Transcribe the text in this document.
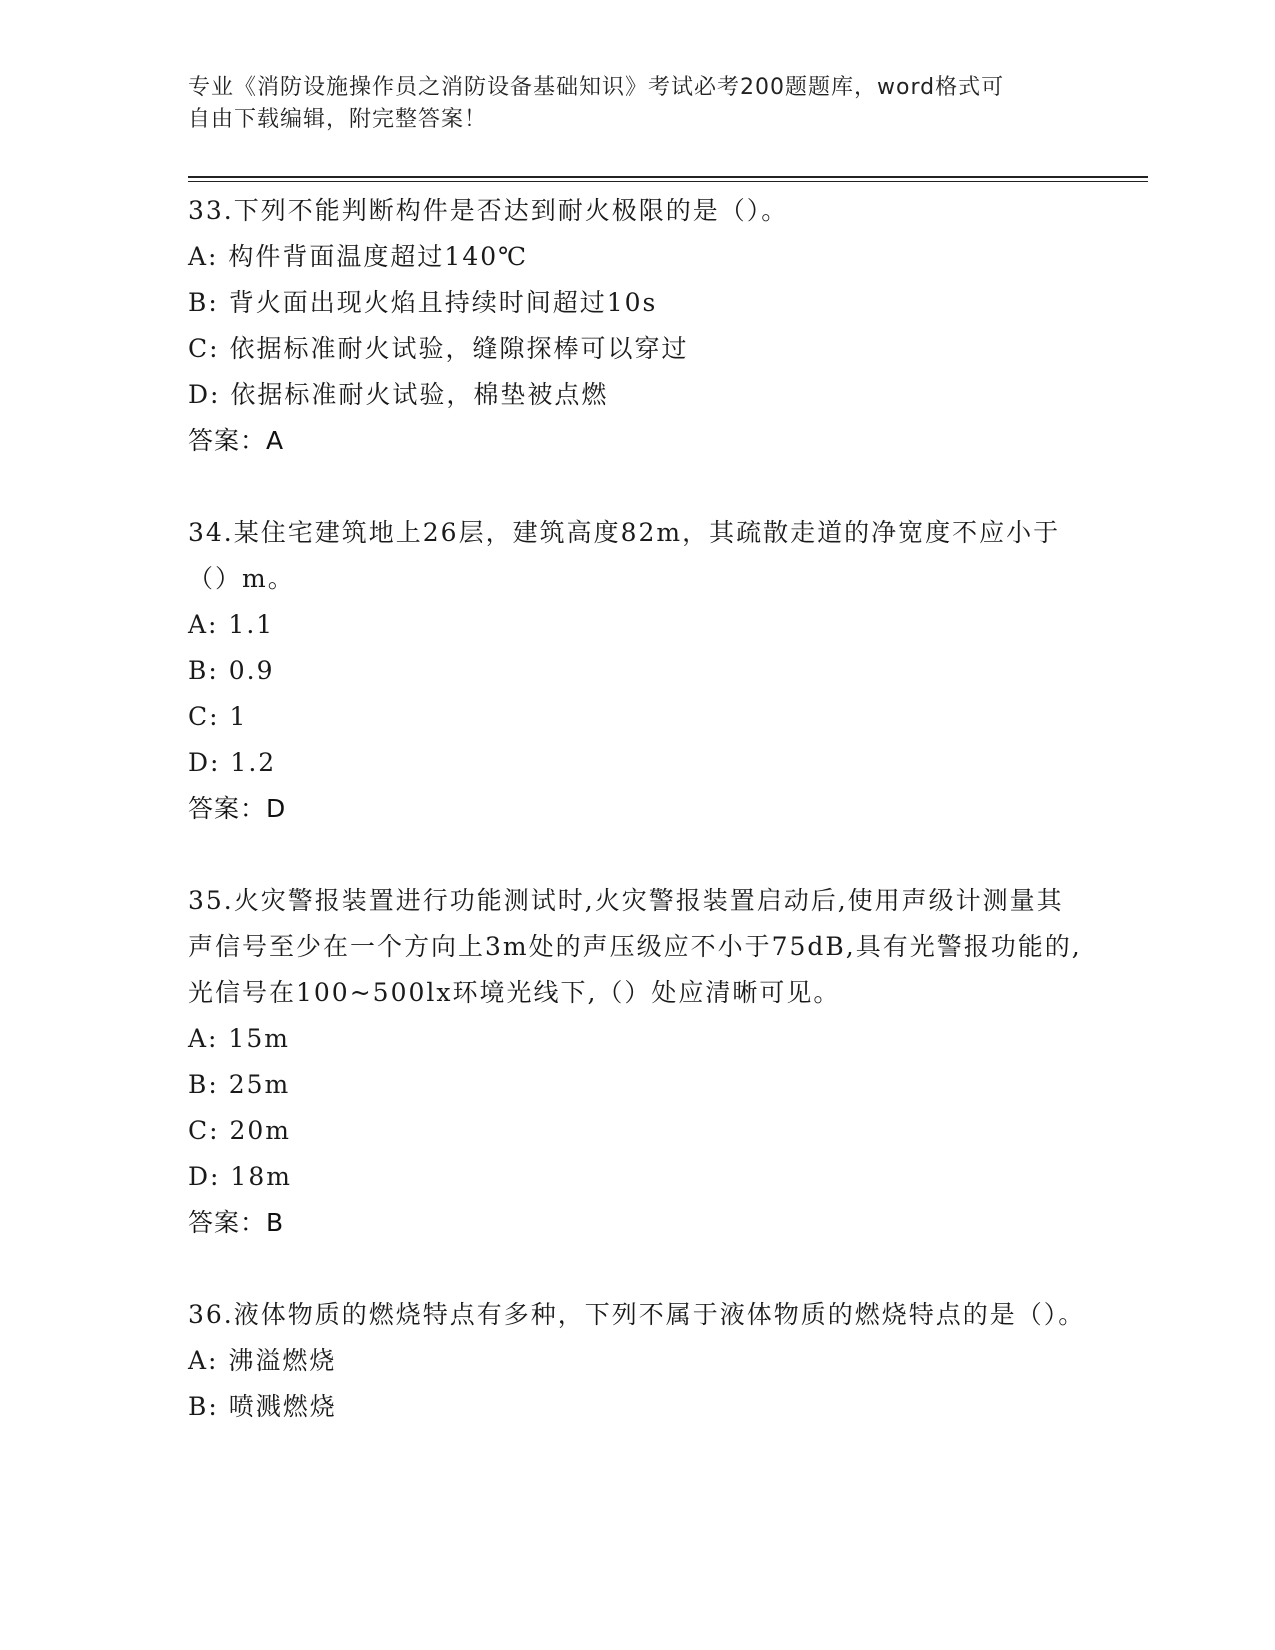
专业《消防设施操作员之消防设备基础知识》考试必考200题题库，word格式可
自由下载编辑，附完整答案！
33.下列不能判断构件是否达到耐火极限的是（）。
A: 构件背面温度超过140℃
B: 背火面出现火焰且持续时间超过10s
C: 依据标准耐火试验，缝隙探棒可以穿过
D: 依据标准耐火试验，棉垫被点燃
答案：A
34.某住宅建筑地上26层，建筑高度82m，其疏散走道的净宽度不应小于（）m。
A: 1.1
B: 0.9
C: 1
D: 1.2
答案：D
35.火灾警报装置进行功能测试时,火灾警报装置启动后,使用声级计测量其声信号至少在一个方向上3m处的声压级应不小于75dB,具有光警报功能的,光信号在100~500lx环境光线下,（）处应清晰可见。
A: 15m
B: 25m
C: 20m
D: 18m
答案：B
36.液体物质的燃烧特点有多种，下列不属于液体物质的燃烧特点的是（）。
A: 沸溢燃烧
B: 喷溅燃烧
